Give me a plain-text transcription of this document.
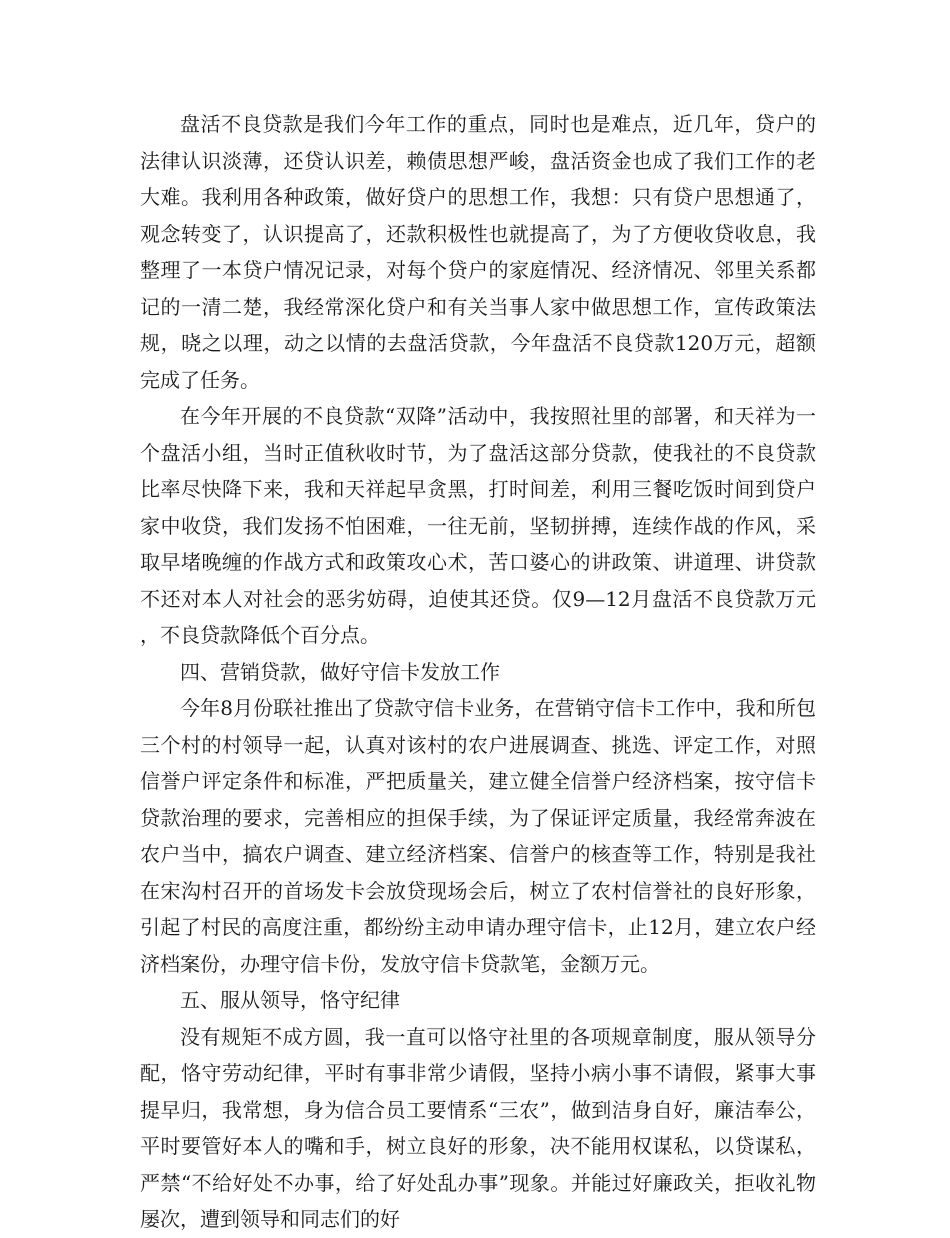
盘活不良贷款是我们今年工作的重点，同时也是难点，近几年，贷户的法律认识淡薄，还贷认识差，赖债思想严峻，盘活资金也成了我们工作的老大难。我利用各种政策，做好贷户的思想工作，我想：只有贷户思想通了，观念转变了，认识提高了，还款积极性也就提高了，为了方便收贷收息，我整理了一本贷户情况记录，对每个贷户的家庭情况、经济情况、邻里关系都记的一清二楚，我经常深化贷户和有关当事人家中做思想工作，宣传政策法规，晓之以理，动之以情的去盘活贷款，今年盘活不良贷款120万元，超额完成了任务。

在今年开展的不良贷款“双降”活动中，我按照社里的部署，和天祥为一个盘活小组，当时正值秋收时节，为了盘活这部分贷款，使我社的不良贷款比率尽快降下来，我和天祥起早贪黑，打时间差，利用三餐吃饭时间到贷户家中收贷，我们发扬不怕困难，一往无前，坚韧拼搏，连续作战的作风，采取早堵晚缠的作战方式和政策攻心术，苦口婆心的讲政策、讲道理、讲贷款不还对本人对社会的恶劣妨碍，迫使其还贷。仅9—12月盘活不良贷款万元，不良贷款降低个百分点。

四、营销贷款，做好守信卡发放工作

今年8月份联社推出了贷款守信卡业务，在营销守信卡工作中，我和所包三个村的村领导一起，认真对该村的农户进展调查、挑选、评定工作，对照信誉户评定条件和标准，严把质量关，建立健全信誉户经济档案，按守信卡贷款治理的要求，完善相应的担保手续，为了保证评定质量，我经常奔波在农户当中，搞农户调查、建立经济档案、信誉户的核查等工作，特别是我社在宋沟村召开的首场发卡会放贷现场会后，树立了农村信誉社的良好形象，引起了村民的高度注重，都纷纷主动申请办理守信卡，止12月，建立农户经济档案份，办理守信卡份，发放守信卡贷款笔，金额万元。

五、服从领导，恪守纪律

没有规矩不成方圆，我一直可以恪守社里的各项规章制度，服从领导分配，恪守劳动纪律，平时有事非常少请假，坚持小病小事不请假，紧事大事提早归，我常想，身为信合员工要情系“三农”，做到洁身自好，廉洁奉公，平时要管好本人的嘴和手，树立良好的形象，决不能用权谋私，以贷谋私，严禁“不给好处不办事，给了好处乱办事”现象。并能过好廉政关，拒收礼物屡次，遭到领导和同志们的好
